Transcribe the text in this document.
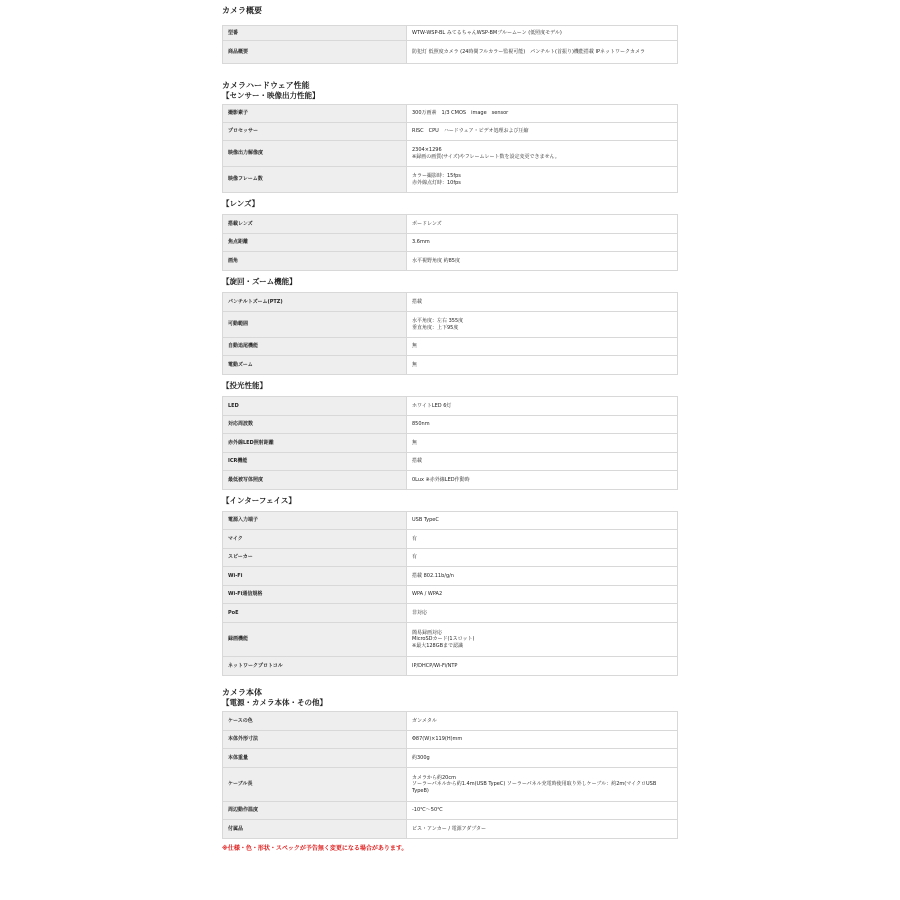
カメラ概要

型番	WTW-WSP-BL みてるちゃんWSP-BMブルームーン (低照度モデル)

商品概要	防犯灯 低照度カメラ (24時間フルカラー監視可能)　パンチルト(首振り)機能搭載 IPネットワークカメラ

カメラハードウェア性能

【センサー・映像出力性能】

撮影素子	300万画素　1/3 CMOS　image　sensor

プロセッサー	RISC　CPU　ハードウェア・ビデオ処理および圧縮

映像出力解像度	2304×1296
※録画の画質(サイズ)やフレームレート数を設定変更できません。

映像フレーム数	カラー撮影時：15fps
赤外線点灯時：10fps

【レンズ】

搭載レンズ	ボードレンズ

焦点距離	3.6mm

画角	水平視野角度 約85度

【旋回・ズーム機能】

パンチルトズーム(PTZ)	搭載

可動範囲	水平角度：左右 355度
垂直角度：上下95度

自動追尾機能	無

電動ズーム	無

【投光性能】

LED	ホワイトLED 6灯

対応周波数	850nm

赤外線LED照射距離	無

ICR機能	搭載

最低被写体照度	0Lux ※赤外線LED作動時

【インターフェイス】

電源入力端子	USB TypeC

マイク	有

スピーカー	有

Wi-Fi	搭載 802.11b/g/n

Wi-Fi通信規格	WPA / WPA2

PoE	非対応

録画機能	簡易録画対応
MicroSDカード(1スロット)
※最大128GBまで認識

ネットワークプロトコル	IP/DHCP/Wi-Fi/NTP

カメラ本体

【電源・カメラ本体・その他】

ケースの色	ガンメタル

本体外形寸法	Φ87(W)×119(H)mm

本体重量	約300g

ケーブル長	カメラから約20cm
ソーラーパネルから約1.4m(USB TypeC) ソーラーパネル充電時使用取り外しケーブル：約2m(マイクロUSB TypeB)

周辺動作温度	-10℃〜50℃

付属品	ビス・アンカー / 電源アダプター

※仕様・色・形状・スペックが予告無く変更になる場合があります。
